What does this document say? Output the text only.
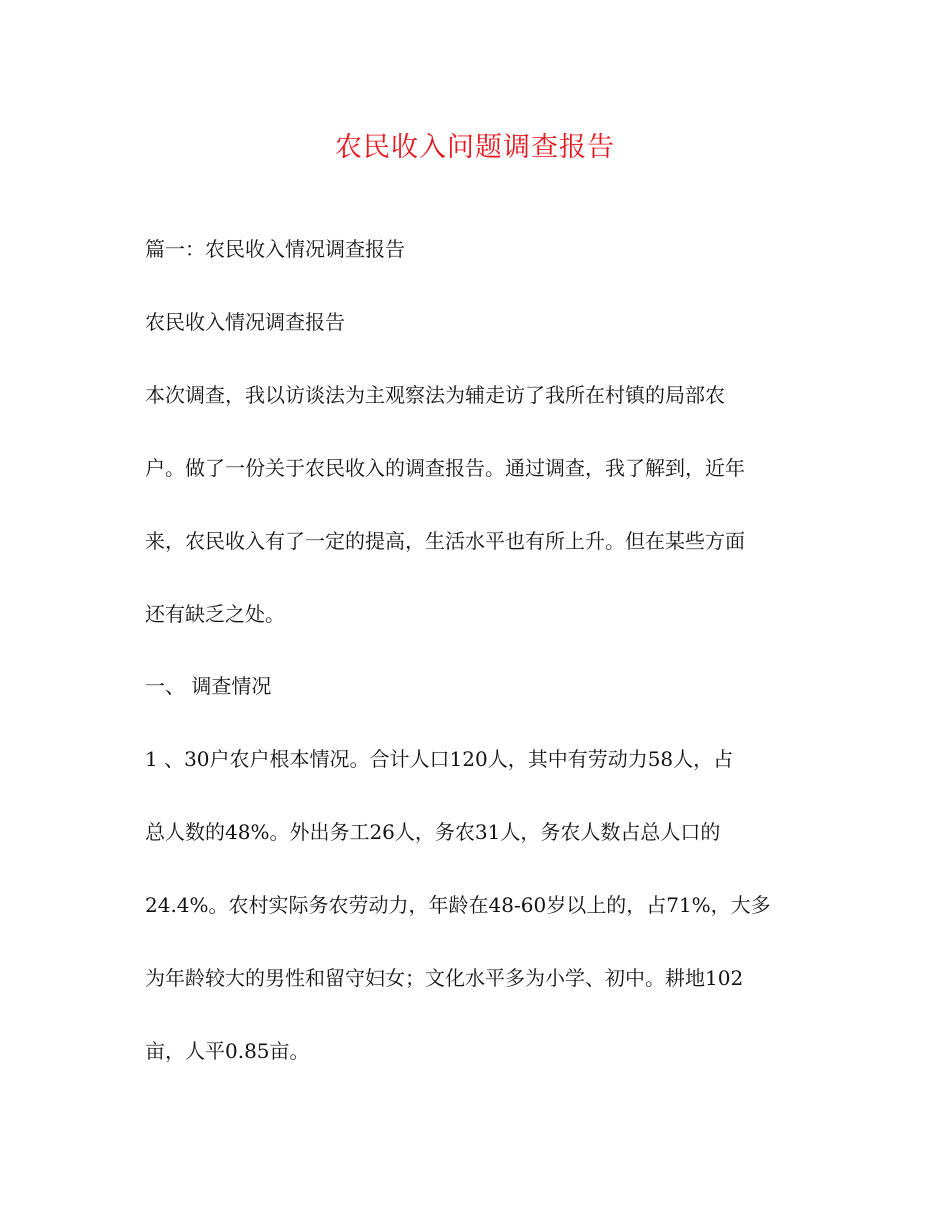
农民收入问题调查报告
篇一：农民收入情况调查报告
农民收入情况调查报告
本次调查，我以访谈法为主观察法为辅走访了我所在村镇的局部农
户。做了一份关于农民收入的调查报告。通过调查，我了解到，近年
来，农民收入有了一定的提高，生活水平也有所上升。但在某些方面
还有缺乏之处。
一、 调查情况
1 、30户农户根本情况。合计人口120人，其中有劳动力58人，占
总人数的48%。外出务工26人，务农31人，务农人数占总人口的
24.4%。农村实际务农劳动力，年龄在48-60岁以上的，占71%，大多
为年龄较大的男性和留守妇女；文化水平多为小学、初中。耕地102
亩，人平0.85亩。
